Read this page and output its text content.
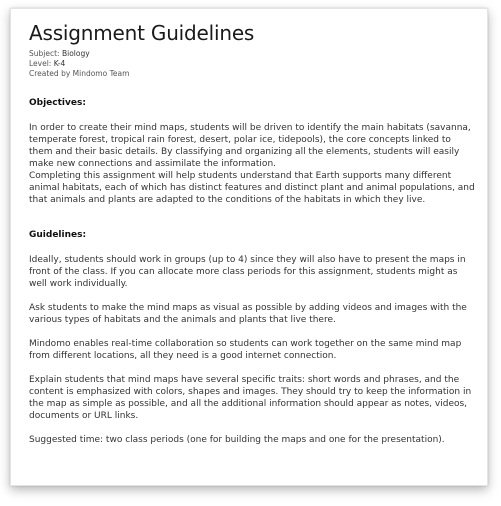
Assignment Guidelines
Subject: Biology
Level: K-4
Created by Mindomo Team
Objectives:

In order to create their mind maps, students will be driven to identify the main habitats (savanna, temperate forest, tropical rain forest, desert, polar ice, tidepools), the core concepts linked to them and their basic details. By classifying and organizing all the elements, students will easily make new connections and assimilate the information.

Completing this assignment will help students understand that Earth supports many different animal habitats, each of which has distinct features and distinct plant and animal populations, and that animals and plants are adapted to the conditions of the habitats in which they live.

Guidelines:

Ideally, students should work in groups (up to 4) since they will also have to present the maps in front of the class. If you can allocate more class periods for this assignment, students might as well work individually.

Ask students to make the mind maps as visual as possible by adding videos and images with the various types of habitats and the animals and plants that live there.

Mindomo enables real-time collaboration so students can work together on the same mind map from different locations, all they need is a good internet connection.

Explain students that mind maps have several specific traits: short words and phrases, and the content is emphasized with colors, shapes and images. They should try to keep the information in the map as simple as possible, and all the additional information should appear as notes, videos, documents or URL links.

Suggested time: two class periods (one for building the maps and one for the presentation).
